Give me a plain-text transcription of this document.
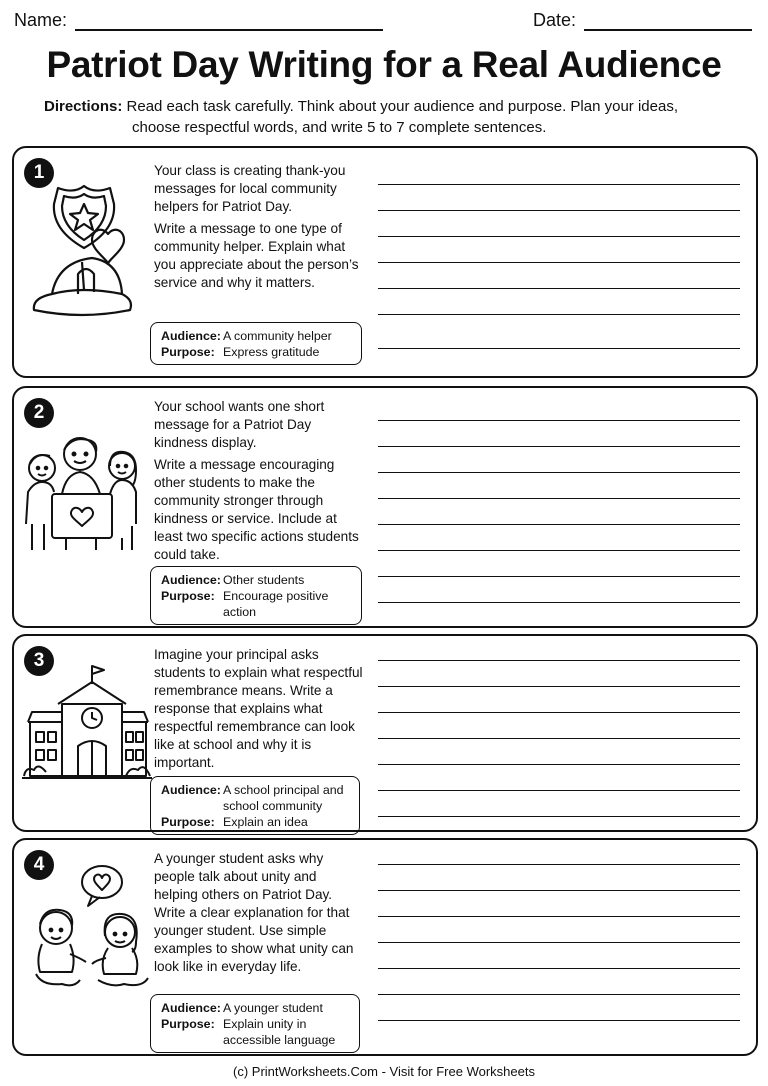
Name:	Date:
Patriot Day Writing for a Real Audience
Directions: Read each task carefully. Think about your audience and purpose. Plan your ideas,
choose respectful words, and write 5 to 7 complete sentences.
1	Your class is creating thank-you messages for local community helpers for Patriot Day.

Write a message to one type of community helper. Explain what you appreciate about the person’s service and why it matters.

Audience: A community helper
Purpose: Express gratitude
2	Your school wants one short message for a Patriot Day kindness display.

Write a message encouraging other students to make the community stronger through kindness or service. Include at least two specific actions students could take.

Audience: Other students
Purpose: Encourage positive action
3	Imagine your principal asks students to explain what respectful remembrance means. Write a response that explains what respectful remembrance can look like at school and why it is important.

Audience: A school principal and school community
Purpose: Explain an idea
4	A younger student asks why people talk about unity and helping others on Patriot Day. Write a clear explanation for that younger student. Use simple examples to show what unity can look like in everyday life.

Audience: A younger student
Purpose: Explain unity in accessible language
(c) PrintWorksheets.Com - Visit for Free Worksheets
